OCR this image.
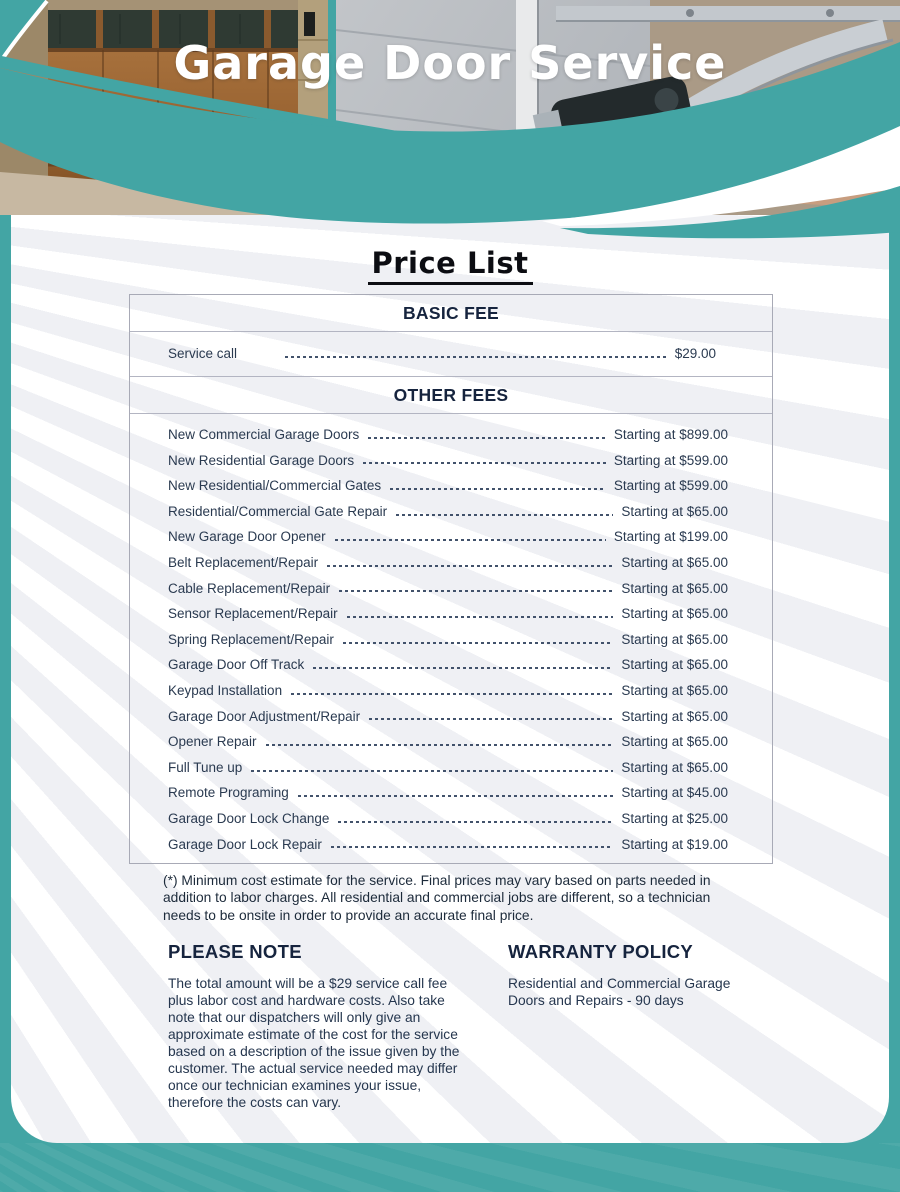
Garage Door Service
Price List
BASIC FEE
Service call	$29.00
OTHER FEES
New Commercial Garage Doors	Starting at $899.00
New Residential Garage Doors	Starting at $599.00
New Residential/Commercial Gates	Starting at $599.00
Residential/Commercial Gate Repair	Starting at $65.00
New Garage Door Opener	Starting at $199.00
Belt Replacement/Repair	Starting at $65.00
Cable Replacement/Repair	Starting at $65.00
Sensor Replacement/Repair	Starting at $65.00
Spring Replacement/Repair	Starting at $65.00
Garage Door Off Track	Starting at $65.00
Keypad Installation	Starting at $65.00
Garage Door Adjustment/Repair	Starting at $65.00
Opener Repair	Starting at $65.00
Full Tune up	Starting at $65.00
Remote Programing	Starting at $45.00
Garage Door Lock Change	Starting at $25.00
Garage Door Lock Repair	Starting at $19.00
(*) Minimum cost estimate for the service. Final prices may vary based on parts needed in addition to labor charges. All residential and commercial jobs are different, so a technician needs to be onsite in order to provide an accurate final price.
PLEASE NOTE
The total amount will be a $29 service call fee plus labor cost and hardware costs. Also take note that our dispatchers will only give an approximate estimate of the cost for the service based on a description of the issue given by the customer. The actual service needed may differ once our technician examines your issue, therefore the costs can vary.
WARRANTY POLICY
Residential and Commercial Garage Doors and Repairs - 90 days
